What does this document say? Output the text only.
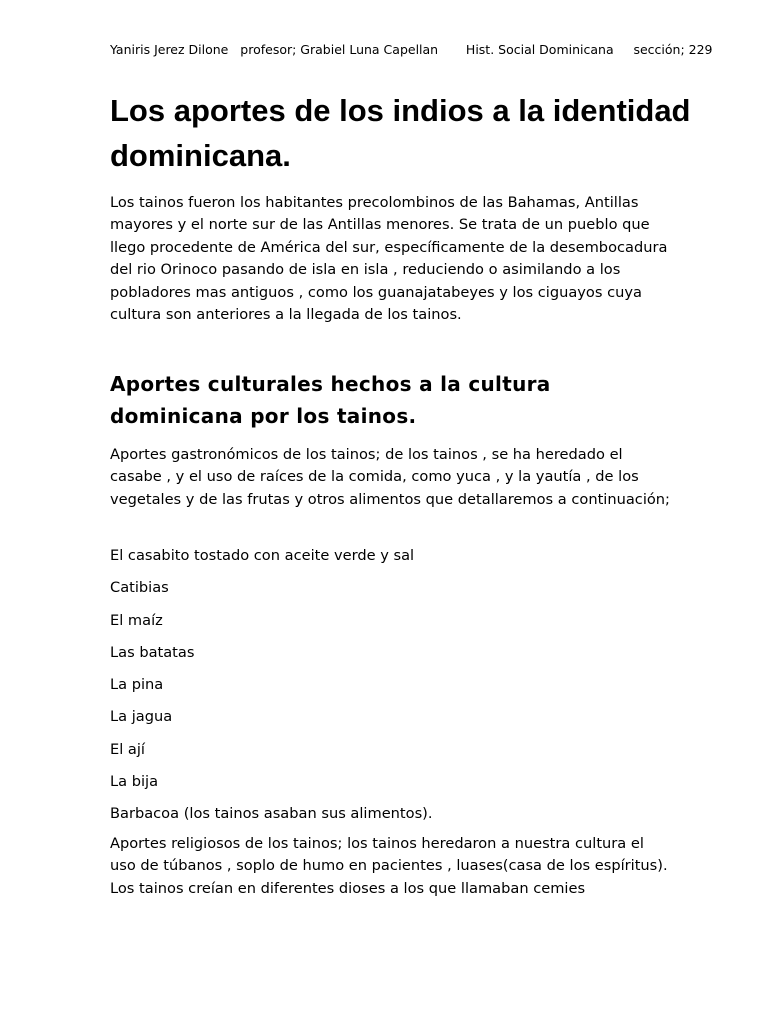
Yaniris Jerez Dilone   profesor; Grabiel Luna Capellan       Hist. Social Dominicana     sección; 229
Los aportes de los indios a la identidad dominicana.

Los tainos fueron los habitantes precolombinos de las Bahamas, Antillas mayores y el norte sur de las Antillas menores. Se trata de un pueblo que llego procedente de América del sur, específicamente de la desembocadura del rio Orinoco pasando de isla en isla , reduciendo o asimilando a los pobladores mas antiguos , como los guanajatabeyes y los ciguayos cuya cultura son anteriores a la llegada de los tainos.

Aportes culturales hechos a la cultura dominicana por los tainos.

Aportes gastronómicos de los tainos; de los tainos , se ha heredado el casabe , y el uso de raíces de la comida, como yuca , y la yautía , de los vegetales y de las frutas y otros alimentos que detallaremos a continuación;

El casabito tostado con aceite verde y sal
Catibias
El maíz
Las batatas
La pina
La jagua
El ají
La bija
Barbacoa (los tainos asaban sus alimentos).

Aportes religiosos de los tainos; los tainos heredaron a nuestra cultura el uso de túbanos , soplo de humo en pacientes , luases(casa de los espíritus). Los tainos creían en diferentes dioses a los que llamaban cemies
